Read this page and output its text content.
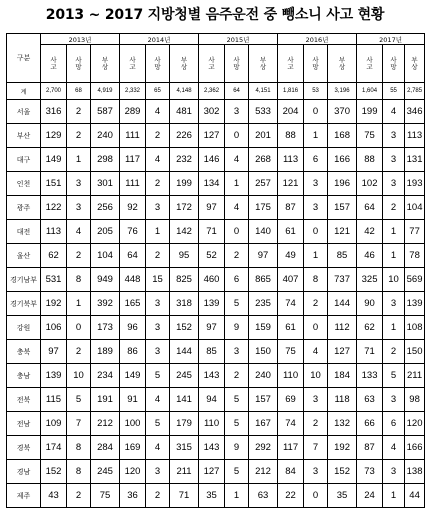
2013 ~ 2017 지방청별 음주운전 중 뺑소니 사고 현황
구분	2013년			2014년			2015년			2016년			2017년		
	사고	사망	부상	사고	사망	부상	사고	사망	부상	사고	사망	부상	사고	사망	부상
계	2,700	68	4,919	2,332	65	4,148	2,362	64	4,151	1,816	53	3,196	1,604	55	2,785
서울	316	2	587	289	4	481	302	3	533	204	0	370	199	4	346
부산	129	2	240	111	2	226	127	0	201	88	1	168	75	3	113
대구	149	1	298	117	4	232	146	4	268	113	6	166	88	3	131
인천	151	3	301	111	2	199	134	1	257	121	3	196	102	3	193
광주	122	3	256	92	3	172	97	4	175	87	3	157	64	2	104
대전	113	4	205	76	1	142	71	0	140	61	0	121	42	1	77
울산	62	2	104	64	2	95	52	2	97	49	1	85	46	1	78
경기남부	531	8	949	448	15	825	460	6	865	407	8	737	325	10	569
경기북부	192	1	392	165	3	318	139	5	235	74	2	144	90	3	139
강원	106	0	173	96	3	152	97	9	159	61	0	112	62	1	108
충북	97	2	189	86	3	144	85	3	150	75	4	127	71	2	150
충남	139	10	234	149	5	245	143	2	240	110	10	184	133	5	211
전북	115	5	191	91	4	141	94	5	157	69	3	118	63	3	98
전남	109	7	212	100	5	179	110	5	167	74	2	132	66	6	120
경북	174	8	284	169	4	315	143	9	292	117	7	192	87	4	166
경남	152	8	245	120	3	211	127	5	212	84	3	152	73	3	138
제주	43	2	75	36	2	71	35	1	63	22	0	35	24	1	44
